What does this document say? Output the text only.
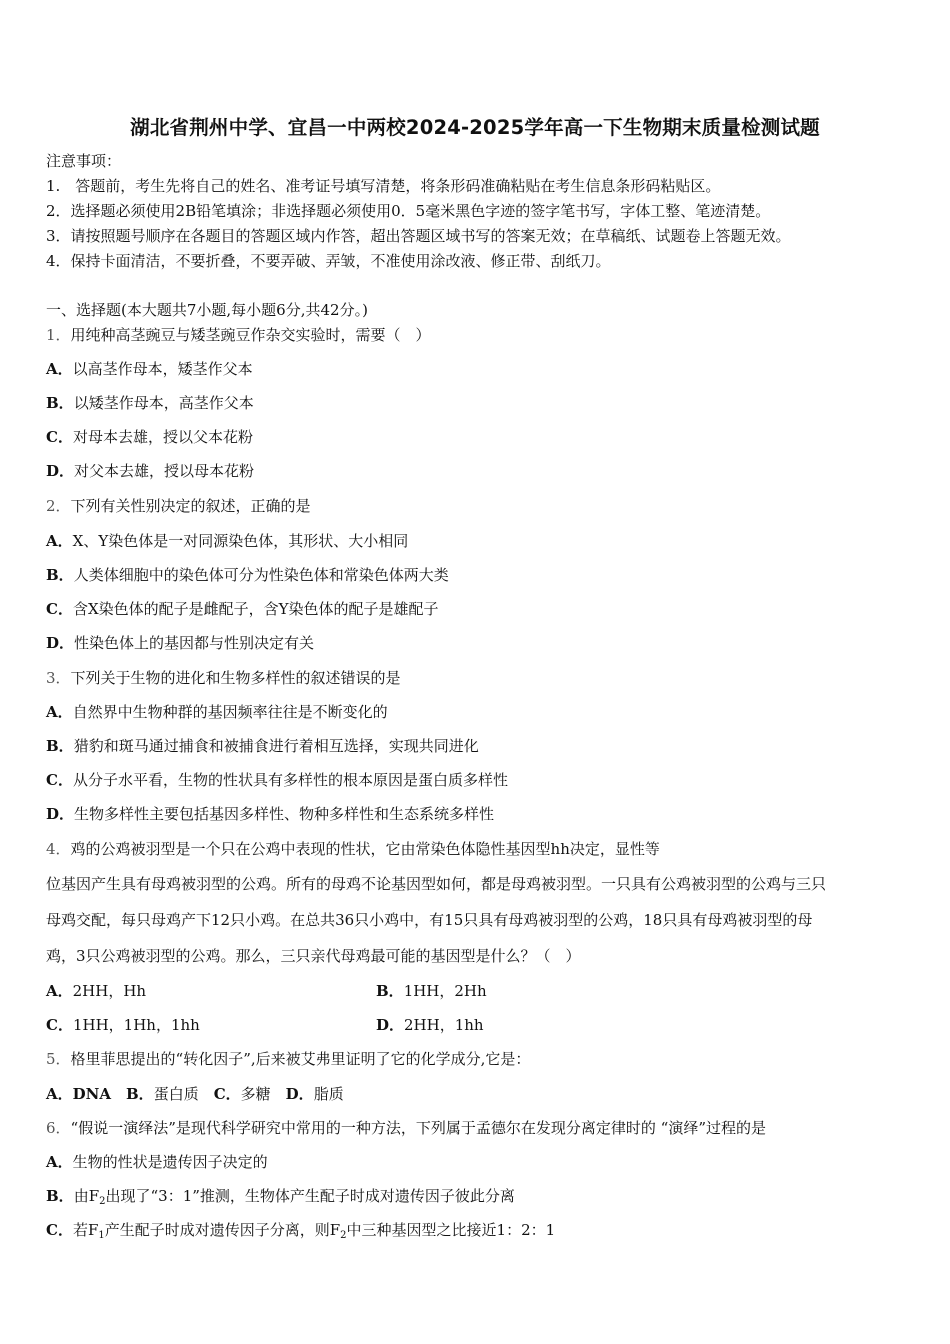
湖北省荆州中学、宜昌一中两校2024-2025学年高一下生物期末质量检测试题
注意事项：
1.　答题前，考生先将自己的姓名、准考证号填写清楚，将条形码准确粘贴在考生信息条形码粘贴区。
2．选择题必须使用2B铅笔填涂；非选择题必须使用0．5毫米黑色字迹的签字笔书写，字体工整、笔迹清楚。
3．请按照题号顺序在各题目的答题区域内作答，超出答题区域书写的答案无效；在草稿纸、试题卷上答题无效。
4．保持卡面清洁，不要折叠，不要弄破、弄皱，不准使用涂改液、修正带、刮纸刀。
一、选择题(本大题共7小题,每小题6分,共42分。)
1．用纯种高茎豌豆与矮茎豌豆作杂交实验时，需要（　）
A．以高茎作母本，矮茎作父本
B．以矮茎作母本，高茎作父本
C．对母本去雄，授以父本花粉
D．对父本去雄，授以母本花粉
2．下列有关性别决定的叙述，正确的是
A．X、Y染色体是一对同源染色体，其形状、大小相同
B．人类体细胞中的染色体可分为性染色体和常染色体两大类
C．含X染色体的配子是雌配子，含Y染色体的配子是雄配子
D．性染色体上的基因都与性别决定有关
3．下列关于生物的进化和生物多样性的叙述错误的是
A．自然界中生物种群的基因频率往往是不断变化的
B．猎豹和斑马通过捕食和被捕食进行着相互选择，实现共同进化
C．从分子水平看，生物的性状具有多样性的根本原因是蛋白质多样性
D．生物多样性主要包括基因多样性、物种多样性和生态系统多样性
4．鸡的公鸡被羽型是一个只在公鸡中表现的性状，它由常染色体隐性基因型hh决定，显性等
位基因产生具有母鸡被羽型的公鸡。所有的母鸡不论基因型如何，都是母鸡被羽型。一只具有公鸡被羽型的公鸡与三只
母鸡交配，每只母鸡产下12只小鸡。在总共36只小鸡中，有15只具有母鸡被羽型的公鸡，18只具有母鸡被羽型的母
鸡，3只公鸡被羽型的公鸡。那么，三只亲代母鸡最可能的基因型是什么？（　）
A．2HH，Hh	B．1HH，2Hh
C．1HH，1Hh，1hh	D．2HH，1hh
5．格里菲思提出的“转化因子”,后来被艾弗里证明了它的化学成分,它是：
A．DNA　B．蛋白质　C．多糖　D．脂质
6．“假说一演绎法”是现代科学研究中常用的一种方法，下列属于孟德尔在发现分离定律时的 “演绎”过程的是
A．生物的性状是遗传因子决定的
B．由$F_2$出现了“3：1”推测，生物体产生配子时成对遗传因子彼此分离
C．若$F_1$产生配子时成对遗传因子分离，则$F_2$中三种基因型之比接近1：2：1
